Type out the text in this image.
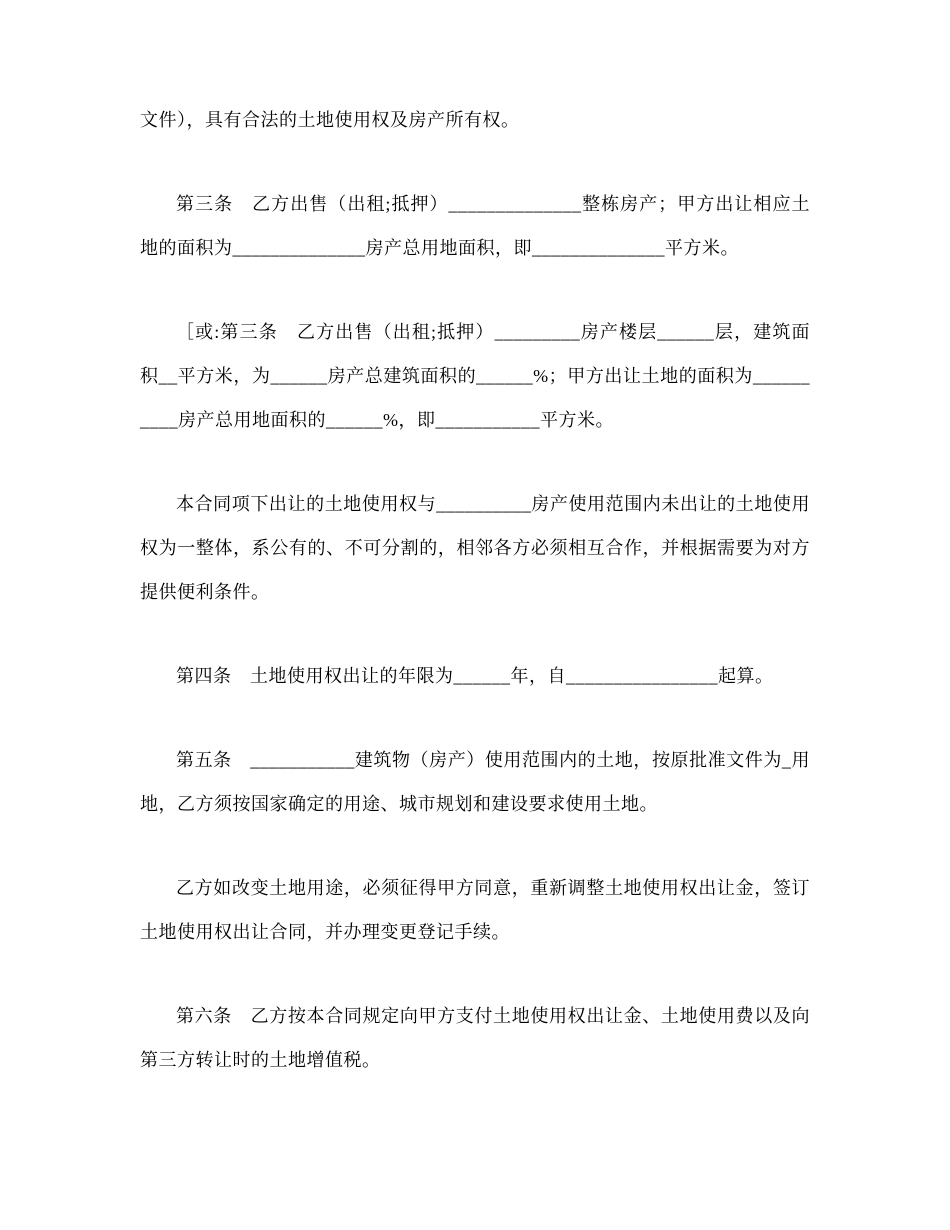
文件），具有合法的土地使用权及房产所有权。

第三条　乙方出售（出租;抵押）______________整栋房产；甲方出让相应土地的面积为______________房产总用地面积，即______________平方米。

［或:第三条　乙方出售（出租;抵押）_________房产楼层______层，建筑面积__平方米，为______房产总建筑面积的______%；甲方出让土地的面积为__________房产总用地面积的______%，即___________平方米。

本合同项下出让的土地使用权与__________房产使用范围内未出让的土地使用权为一整体，系公有的、不可分割的，相邻各方必须相互合作，并根据需要为对方提供便利条件。

第四条　土地使用权出让的年限为______年，自________________起算。

第五条　___________建筑物（房产）使用范围内的土地，按原批准文件为_用地，乙方须按国家确定的用途、城市规划和建设要求使用土地。

乙方如改变土地用途，必须征得甲方同意，重新调整土地使用权出让金，签订土地使用权出让合同，并办理变更登记手续。

第六条　乙方按本合同规定向甲方支付土地使用权出让金、土地使用费以及向第三方转让时的土地增值税。
